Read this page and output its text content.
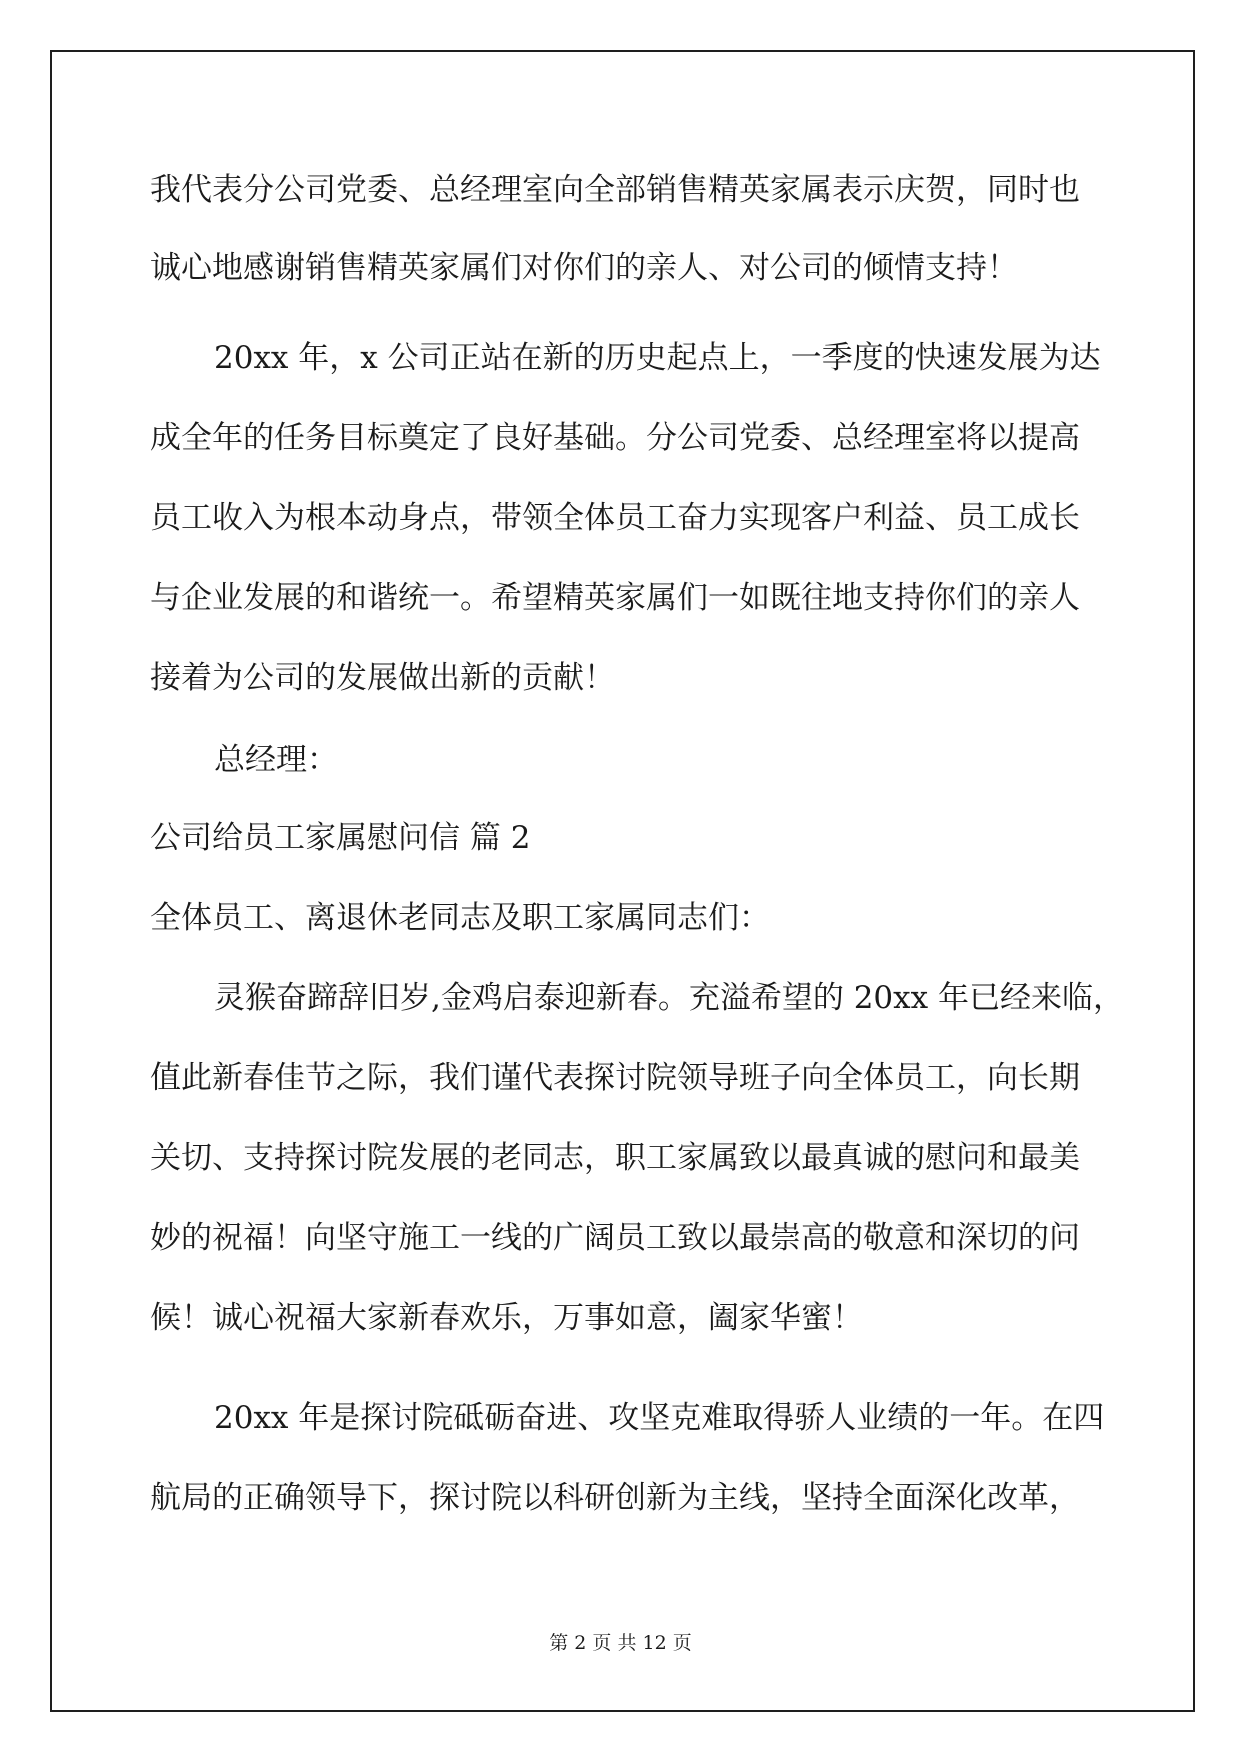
我代表分公司党委、总经理室向全部销售精英家属表示庆贺，同时也
诚心地感谢销售精英家属们对你们的亲人、对公司的倾情支持！
20xx 年，x 公司正站在新的历史起点上，一季度的快速发展为达
成全年的任务目标奠定了良好基础。分公司党委、总经理室将以提高
员工收入为根本动身点，带领全体员工奋力实现客户利益、员工成长
与企业发展的和谐统一。希望精英家属们一如既往地支持你们的亲人
接着为公司的发展做出新的贡献！
总经理：
公司给员工家属慰问信 篇 2
全体员工、离退休老同志及职工家属同志们：
灵猴奋蹄辞旧岁,金鸡启泰迎新春。充溢希望的 20xx 年已经来临，
值此新春佳节之际，我们谨代表探讨院领导班子向全体员工，向长期
关切、支持探讨院发展的老同志，职工家属致以最真诚的慰问和最美
妙的祝福！向坚守施工一线的广阔员工致以最崇高的敬意和深切的问
候！诚心祝福大家新春欢乐，万事如意，阖家华蜜！
20xx 年是探讨院砥砺奋进、攻坚克难取得骄人业绩的一年。在四
航局的正确领导下，探讨院以科研创新为主线，坚持全面深化改革，
第 2 页 共 12 页
